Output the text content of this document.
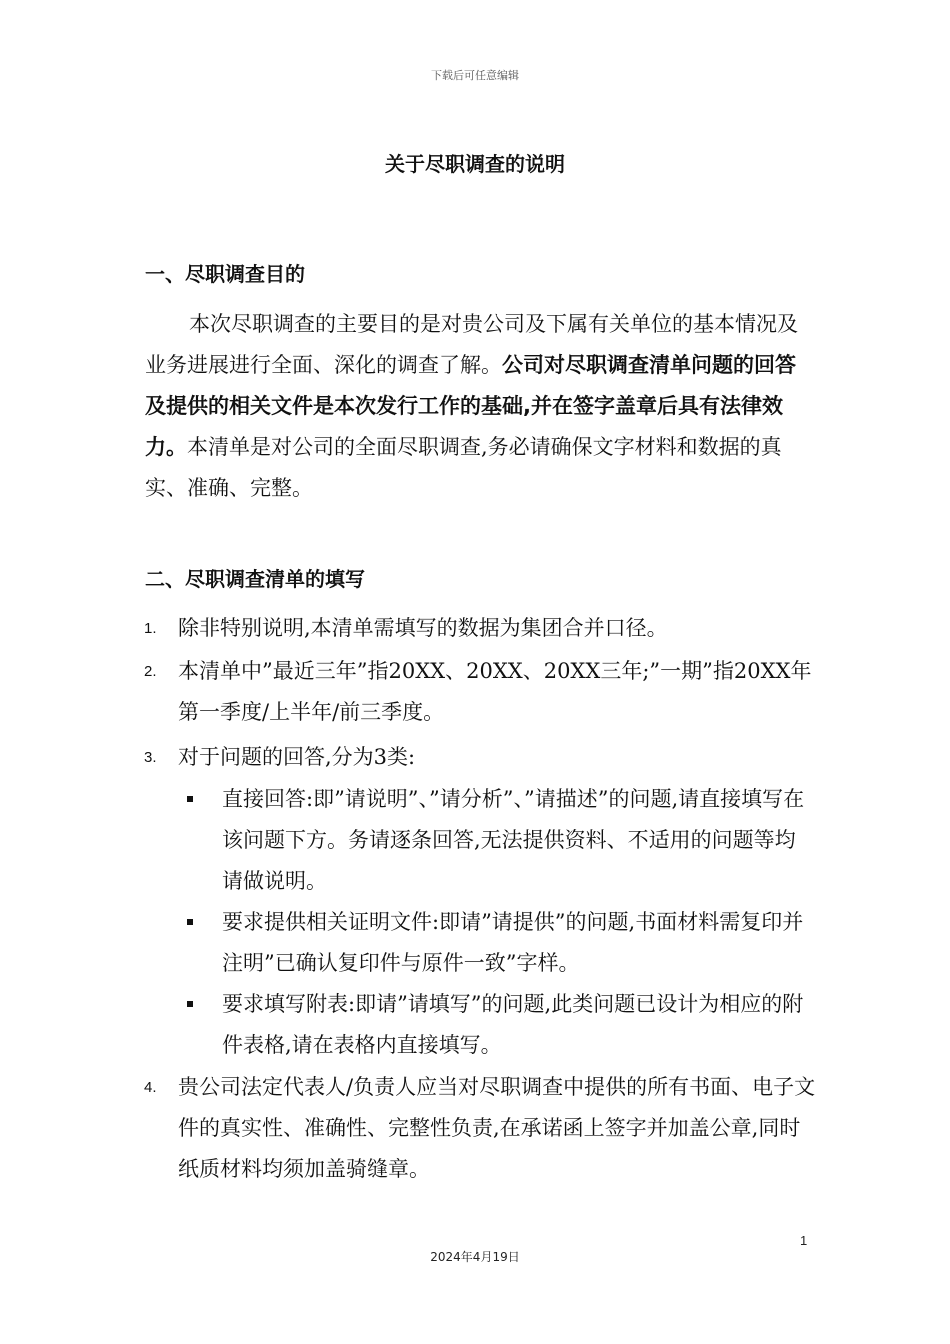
下载后可任意编辑
关于尽职调查的说明
一、尽职调查目的

本次尽职调查的主要目的是对贵公司及下属有关单位的基本情况及业务进展进行全面、深化的调查了解。公司对尽职调查清单问题的回答及提供的相关文件是本次发行工作的基础,并在签字盖章后具有法律效力。本清单是对公司的全面尽职调查,务必请确保文字材料和数据的真实、准确、完整。

二、尽职调查清单的填写
1. 除非特别说明,本清单需填写的数据为集团合并口径。
2. 本清单中”最近三年”指20XX、20XX、20XX三年;”一期”指20XX年第一季度/上半年/前三季度。
3. 对于问题的回答,分为3类:
直接回答:即”请说明”、”请分析”、”请描述”的问题,请直接填写在该问题下方。务请逐条回答,无法提供资料、不适用的问题等均请做说明。
要求提供相关证明文件:即请”请提供”的问题,书面材料需复印并注明”已确认复印件与原件一致”字样。
要求填写附表:即请”请填写”的问题,此类问题已设计为相应的附件表格,请在表格内直接填写。
4. 贵公司法定代表人/负责人应当对尽职调查中提供的所有书面、电子文件的真实性、准确性、完整性负责,在承诺函上签字并加盖公章,同时纸质材料均须加盖骑缝章。
1
2024年4月19日
